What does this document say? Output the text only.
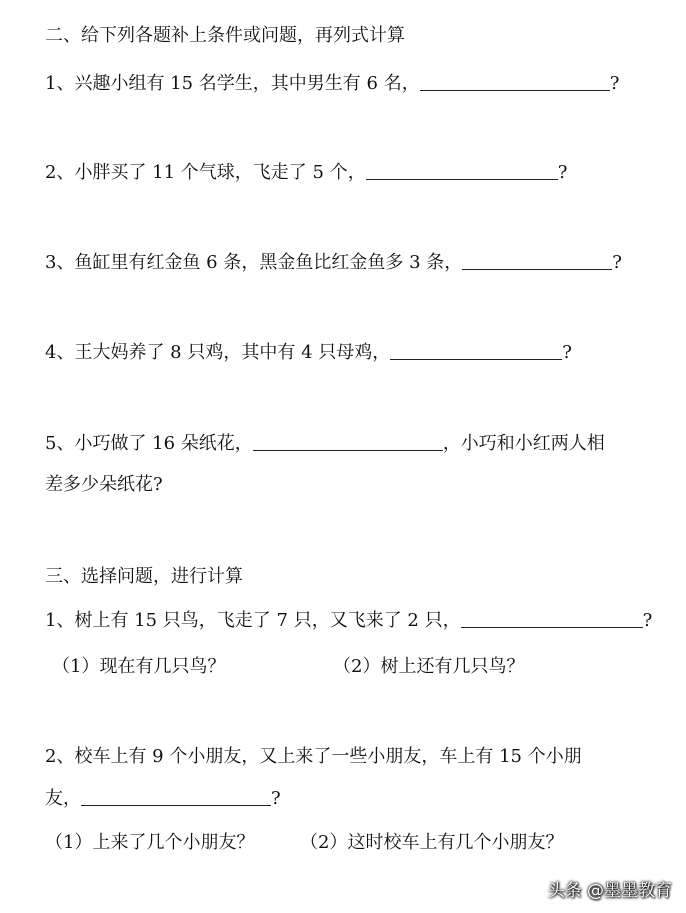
二、给下列各题补上条件或问题，再列式计算
1、兴趣小组有 15 名学生，其中男生有 6 名，	?
2、小胖买了 11 个气球，飞走了 5 个，	?
3、鱼缸里有红金鱼 6 条，黑金鱼比红金鱼多 3 条，	?
4、王大妈养了 8 只鸡，其中有 4 只母鸡，	?
5、小巧做了 16 朵纸花，	，小巧和小红两人相
差多少朵纸花?
三、选择问题，进行计算
1、树上有 15 只鸟，飞走了 7 只，又飞来了 2 只，	?
（1）现在有几只鸟？	（2）树上还有几只鸟？
2、校车上有 9 个小朋友，又上来了一些小朋友，车上有 15 个小朋
友，	?
（1）上来了几个小朋友？	（2）这时校车上有几个小朋友？
头条 @墨墨教育
